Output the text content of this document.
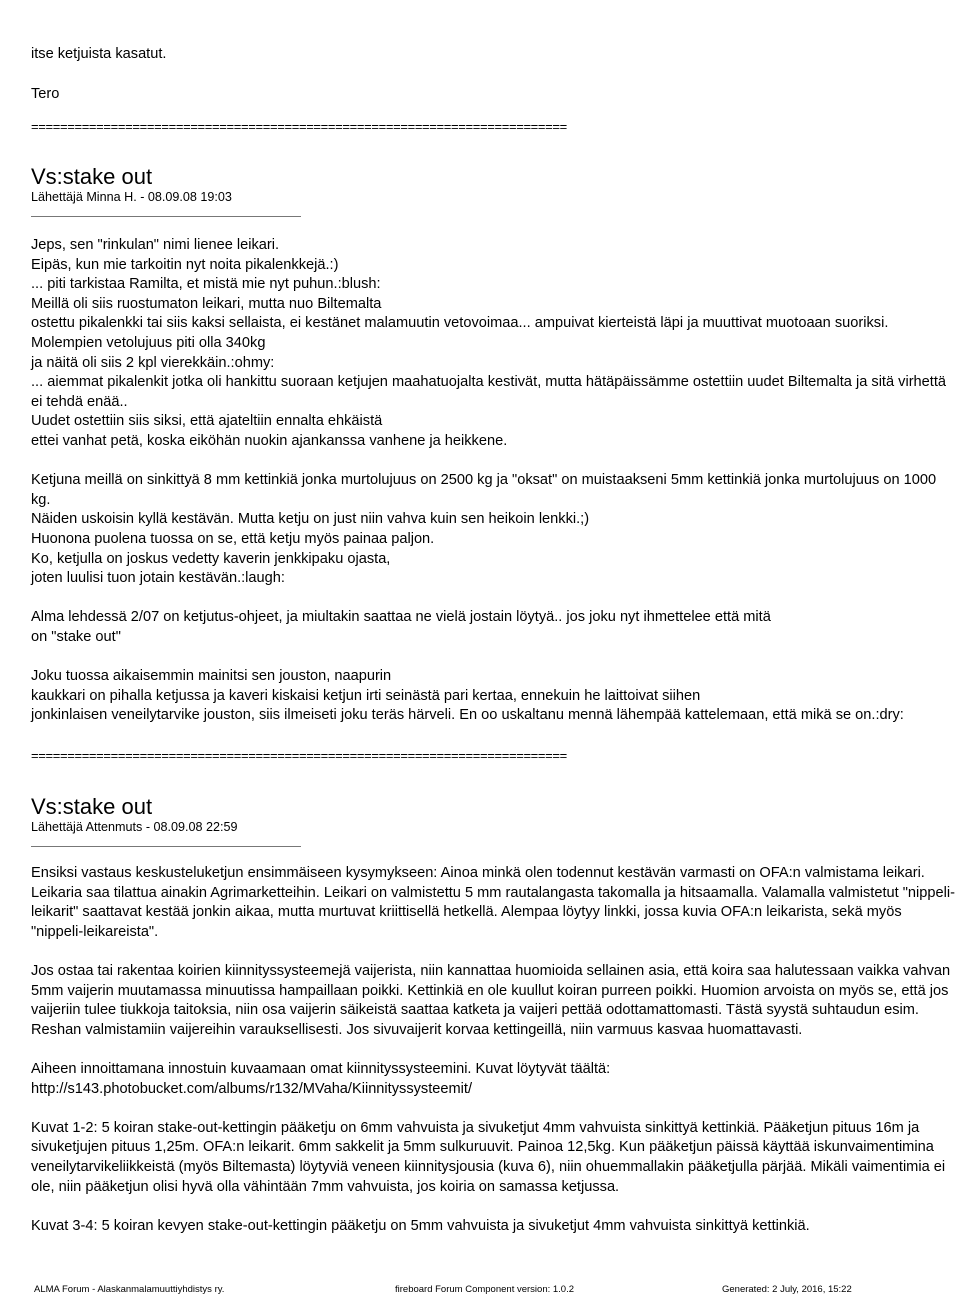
itse ketjuista kasatut.

Tero

==========================================================================

Vs:stake out

Lähettäjä Minna H. - 08.09.08 19:03

Jeps, sen "rinkulan" nimi lienee leikari.
Eipäs, kun mie tarkoitin nyt noita pikalenkkejä.:)
... piti tarkistaa Ramilta, et mistä mie nyt puhun.:blush:
Meillä oli siis ruostumaton leikari, mutta nuo Biltemalta
ostettu pikalenkki tai siis kaksi sellaista, ei kestänet malamuutin vetovoimaa... ampuivat kierteistä läpi ja muuttivat muotoaan suoriksi. Molempien vetolujuus piti olla 340kg
ja näitä oli siis 2 kpl vierekkäin.:ohmy:
... aiemmat pikalenkit jotka oli hankittu suoraan ketjujen maahatuojalta kestivät, mutta hätäpäissämme ostettiin uudet Biltemalta ja sitä virhettä ei tehdä enää..
Uudet ostettiin siis siksi, että ajateltiin ennalta ehkäistä
ettei vanhat petä, koska eiköhän nuokin ajankanssa vanhene ja heikkene.
Ketjuna meillä on sinkittyä 8 mm kettinkiä jonka murtolujuus on 2500 kg ja "oksat" on muistaakseni 5mm kettinkiä jonka murtolujuus on 1000 kg.
Näiden uskoisin kyllä kestävän. Mutta ketju on just niin vahva kuin sen heikoin lenkki.;)
Huonona puolena tuossa on se, että ketju myös painaa paljon.
Ko, ketjulla on joskus vedetty kaverin jenkkipaku ojasta,
joten luulisi tuon jotain kestävän.:laugh:
Alma lehdessä 2/07 on ketjutus-ohjeet, ja miultakin saattaa ne vielä jostain löytyä.. jos joku nyt ihmettelee että mitä
on "stake out"
Joku tuossa aikaisemmin mainitsi sen jouston, naapurin
kaukkari on pihalla ketjussa ja kaveri kiskaisi ketjun irti seinästä pari kertaa, ennekuin he laittoivat siihen
jonkinlaisen veneilytarvike jouston, siis ilmeiseti joku teräs härveli. En oo uskaltanu mennä lähempää kattelemaan, että mikä se on.:dry:
==========================================================================

Vs:stake out

Lähettäjä Attenmuts - 08.09.08 22:59

Ensiksi vastaus keskusteluketjun ensimmäiseen kysymykseen: Ainoa minkä olen todennut kestävän varmasti on OFA:n valmistama leikari. Leikaria saa tilattua ainakin Agrimarketteihin. Leikari on valmistettu 5 mm rautalangasta takomalla ja hitsaamalla. Valamalla valmistetut "nippeli-leikarit" saattavat kestää jonkin aikaa, mutta murtuvat kriittisellä hetkellä. Alempaa löytyy linkki, jossa kuvia OFA:n leikarista, sekä myös "nippeli-leikareista".
Jos ostaa tai rakentaa koirien kiinnityssysteemejä vaijerista, niin kannattaa huomioida sellainen asia, että koira saa halutessaan vaikka vahvan 5mm vaijerin muutamassa minuutissa hampaillaan poikki. Kettinkiä en ole kuullut koiran purreen poikki. Huomion arvoista on myös se, että jos vaijeriin tulee tiukkoja taitoksia, niin osa vaijerin säikeistä saattaa katketa ja vaijeri pettää odottamattomasti. Tästä syystä suhtaudun esim. Reshan valmistamiin vaijereihin varauksellisesti. Jos sivuvaijerit korvaa kettingeillä, niin varmuus kasvaa huomattavasti.
Aiheen innoittamana innostuin kuvaamaan omat kiinnityssysteemini. Kuvat löytyvät täältä:
http://s143.photobucket.com/albums/r132/MVaha/Kiinnityssysteemit/
Kuvat 1-2: 5 koiran stake-out-kettingin pääketju on 6mm vahvuista ja sivuketjut 4mm vahvuista sinkittyä kettinkiä. Pääketjun pituus 16m ja sivuketjujen pituus 1,25m. OFA:n leikarit. 6mm sakkelit ja 5mm sulkuruuvit. Painoa 12,5kg. Kun pääketjun päissä käyttää iskunvaimentimina veneilytarvikeliikkeistä (myös Biltemasta) löytyviä veneen kiinnitysjousia (kuva 6), niin ohuemmallakin pääketjulla pärjää. Mikäli vaimentimia ei ole, niin pääketjun olisi hyvä olla vähintään 7mm vahvuista, jos koiria on samassa ketjussa.
Kuvat 3-4: 5 koiran kevyen stake-out-kettingin pääketju on 5mm vahvuista ja sivuketjut 4mm vahvuista sinkittyä kettinkiä.
ALMA Forum - Alaskanmalamuuttiyhdistys ry.	fireboard Forum Component version: 1.0.2	Generated: 2 July, 2016, 15:22
